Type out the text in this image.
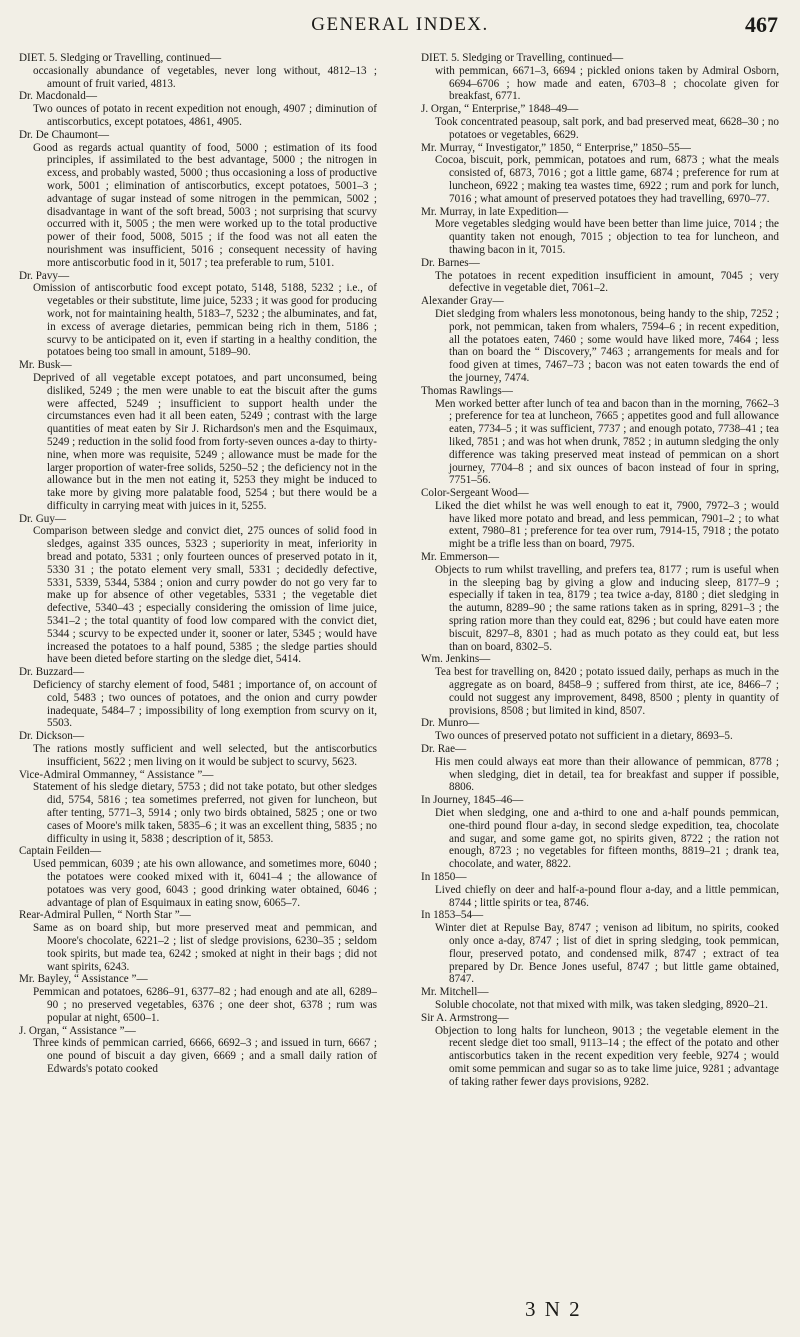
GENERAL INDEX.	467

DIET. 5. Sledging or Travelling, continued—

occasionally abundance of vegetables, never long without, 4812–13 ; amount of fruit varied, 4813.

Dr. Macdonald—

Two ounces of potato in recent expedition not enough, 4907 ; diminution of antiscorbutics, except potatoes, 4861, 4905.

Dr. De Chaumont—

Good as regards actual quantity of food, 5000 ; estimation of its food principles, if assimilated to the best advantage, 5000 ; the nitrogen in excess, and probably wasted, 5000 ; thus occasioning a loss of productive work, 5001 ; elimination of antiscorbutics, except potatoes, 5001–3 ; advantage of sugar instead of some nitrogen in the pemmican, 5002 ; disadvantage in want of the soft bread, 5003 ; not surprising that scurvy occurred with it, 5005 ; the men were worked up to the total productive power of their food, 5008, 5015 ; if the food was not all eaten the nourishment was insufficient, 5016 ; consequent necessity of having more antiscorbutic food in it, 5017 ; tea preferable to rum, 5101.

Dr. Pavy—

Omission of antiscorbutic food except potato, 5148, 5188, 5232 ; i.e., of vegetables or their substitute, lime juice, 5233 ; it was good for producing work, not for maintaining health, 5183–7, 5232 ; the albuminates, and fat, in excess of average dietaries, pemmican being rich in them, 5186 ; scurvy to be anticipated on it, even if starting in a healthy condition, the potatoes being too small in amount, 5189–90.

Mr. Busk—

Deprived of all vegetable except potatoes, and part unconsumed, being disliked, 5249 ; the men were unable to eat the biscuit after the gums were affected, 5249 ; insufficient to support health under the circumstances even had it all been eaten, 5249 ; contrast with the large quantities of meat eaten by Sir J. Richardson's men and the Esquimaux, 5249 ; reduction in the solid food from forty-seven ounces a-day to thirty-nine, when more was requisite, 5249 ; allowance must be made for the larger proportion of water-free solids, 5250–52 ; the deficiency not in the allowance but in the men not eating it, 5253 they might be induced to take more by giving more palatable food, 5254 ; but there would be a difficulty in carrying meat with juices in it, 5255.

Dr. Guy—

Comparison between sledge and convict diet, 275 ounces of solid food in sledges, against 335 ounces, 5323 ; superiority in meat, inferiority in bread and potato, 5331 ; only fourteen ounces of preserved potato in it, 5330 31 ; the potato element very small, 5331 ; decidedly defective, 5331, 5339, 5344, 5384 ; onion and curry powder do not go very far to make up for absence of other vegetables, 5331 ; the vegetable diet defective, 5340–43 ; especially considering the omission of lime juice, 5341–2 ; the total quantity of food low compared with the convict diet, 5344 ; scurvy to be expected under it, sooner or later, 5345 ; would have increased the potatoes to a half pound, 5385 ; the sledge parties should have been dieted before starting on the sledge diet, 5414.

Dr. Buzzard—

Deficiency of starchy element of food, 5481 ; importance of, on account of cold, 5483 ; two ounces of potatoes, and the onion and curry powder inadequate, 5484–7 ; impossibility of long exemption from scurvy on it, 5503.

Dr. Dickson—

The rations mostly sufficient and well selected, but the antiscorbutics insufficient, 5622 ; men living on it would be subject to scurvy, 5623.

Vice-Admiral Ommanney, “ Assistance ”—

Statement of his sledge dietary, 5753 ; did not take potato, but other sledges did, 5754, 5816 ; tea sometimes preferred, not given for luncheon, but after tenting, 5771–3, 5914 ; only two birds obtained, 5825 ; one or two cases of Moore's milk taken, 5835–6 ; it was an excellent thing, 5835 ; no difficulty in using it, 5838 ; description of it, 5853.

Captain Feilden—

Used pemmican, 6039 ; ate his own allowance, and sometimes more, 6040 ; the potatoes were cooked mixed with it, 6041–4 ; the allowance of potatoes was very good, 6043 ; good drinking water obtained, 6046 ; advantage of plan of Esquimaux in eating snow, 6065–7.

Rear-Admiral Pullen, “ North Star ”—

Same as on board ship, but more preserved meat and pemmican, and Moore's chocolate, 6221–2 ; list of sledge provisions, 6230–35 ; seldom took spirits, but made tea, 6242 ; smoked at night in their bags ; did not want spirits, 6243.

Mr. Bayley, “ Assistance ”—

Pemmican and potatoes, 6286–91, 6377–82 ; had enough and ate all, 6289–90 ; no preserved vegetables, 6376 ; one deer shot, 6378 ; rum was popular at night, 6500–1.

J. Organ, “ Assistance ”—

Three kinds of pemmican carried, 6666, 6692–3 ; and issued in turn, 6667 ; one pound of biscuit a day given, 6669 ; and a small daily ration of Edwards's potato cooked

DIET. 5. Sledging or Travelling, continued—

with pemmican, 6671–3, 6694 ; pickled onions taken by Admiral Osborn, 6694–6706 ; how made and eaten, 6703–8 ; chocolate given for breakfast, 6771.

J. Organ, “ Enterprise,” 1848–49—

Took concentrated peasoup, salt pork, and bad preserved meat, 6628–30 ; no potatoes or vegetables, 6629.

Mr. Murray, “ Investigator,” 1850, “ Enterprise,” 1850–55—

Cocoa, biscuit, pork, pemmican, potatoes and rum, 6873 ; what the meals consisted of, 6873, 7016 ; got a little game, 6874 ; preference for rum at luncheon, 6922 ; making tea wastes time, 6922 ; rum and pork for lunch, 7016 ; what amount of preserved potatoes they had travelling, 6970–77.

Mr. Murray, in late Expedition—

More vegetables sledging would have been better than lime juice, 7014 ; the quantity taken not enough, 7015 ; objection to tea for luncheon, and thawing bacon in it, 7015.

Dr. Barnes—

The potatoes in recent expedition insufficient in amount, 7045 ; very defective in vegetable diet, 7061–2.

Alexander Gray—

Diet sledging from whalers less monotonous, being handy to the ship, 7252 ; pork, not pemmican, taken from whalers, 7594–6 ; in recent expedition, all the potatoes eaten, 7460 ; some would have liked more, 7464 ; less than on board the “ Discovery,” 7463 ; arrangements for meals and for food given at times, 7467–73 ; bacon was not eaten towards the end of the journey, 7474.

Thomas Rawlings—

Men worked better after lunch of tea and bacon than in the morning, 7662–3 ; preference for tea at luncheon, 7665 ; appetites good and full allowance eaten, 7734–5 ; it was sufficient, 7737 ; and enough potato, 7738–41 ; tea liked, 7851 ; and was hot when drunk, 7852 ; in autumn sledging the only difference was taking preserved meat instead of pemmican on a short journey, 7704–8 ; and six ounces of bacon instead of four in spring, 7751–56.

Color-Sergeant Wood—

Liked the diet whilst he was well enough to eat it, 7900, 7972–3 ; would have liked more potato and bread, and less pemmican, 7901–2 ; to what extent, 7980–81 ; preference for tea over rum, 7914-15, 7918 ; the potato might be a trifle less than on board, 7975.

Mr. Emmerson—

Objects to rum whilst travelling, and prefers tea, 8177 ; rum is useful when in the sleeping bag by giving a glow and inducing sleep, 8177–9 ; especially if taken in tea, 8179 ; tea twice a-day, 8180 ; diet sledging in the autumn, 8289–90 ; the same rations taken as in spring, 8291–3 ; the spring ration more than they could eat, 8296 ; but could have eaten more biscuit, 8297–8, 8301 ; had as much potato as they could eat, but less than on board, 8302–5.

Wm. Jenkins—

Tea best for travelling on, 8420 ; potato issued daily, perhaps as much in the aggregate as on board, 8458–9 ; suffered from thirst, ate ice, 8466–7 ; could not suggest any improvement, 8498, 8500 ; plenty in quantity of provisions, 8508 ; but limited in kind, 8507.

Dr. Munro—

Two ounces of preserved potato not sufficient in a dietary, 8693–5.

Dr. Rae—

His men could always eat more than their allowance of pemmican, 8778 ; when sledging, diet in detail, tea for breakfast and supper if possible, 8806.

In Journey, 1845–46—

Diet when sledging, one and a-third to one and a-half pounds pemmican, one-third pound flour a-day, in second sledge expedition, tea, chocolate and sugar, and some game got, no spirits given, 8722 ; the ration not enough, 8723 ; no vegetables for fifteen months, 8819–21 ; drank tea, chocolate, and water, 8822.

In 1850—

Lived chiefly on deer and half-a-pound flour a-day, and a little pemmican, 8744 ; little spirits or tea, 8746.

In 1853–54—

Winter diet at Repulse Bay, 8747 ; venison ad libitum, no spirits, cooked only once a-day, 8747 ; list of diet in spring sledging, took pemmican, flour, preserved potato, and condensed milk, 8747 ; extract of tea prepared by Dr. Bence Jones useful, 8747 ; but little game obtained, 8747.

Mr. Mitchell—

Soluble chocolate, not that mixed with milk, was taken sledging, 8920–21.

Sir A. Armstrong—

Objection to long halts for luncheon, 9013 ; the vegetable element in the recent sledge diet too small, 9113–14 ; the effect of the potato and other antiscorbutics taken in the recent expedition very feeble, 9274 ; would omit some pemmican and sugar so as to take lime juice, 9281 ; advantage of taking rather fewer days provisions, 9282.

3 N 2
